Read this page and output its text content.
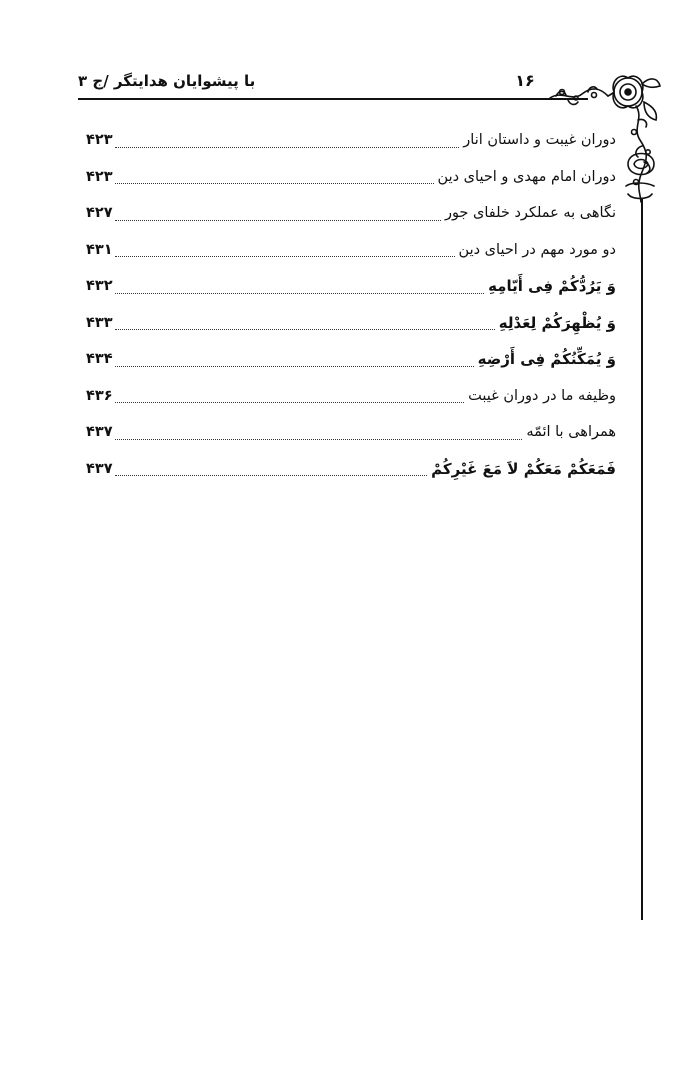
با پیشوایان هدایتگر /ج ۳	۱۶
دوران غیبت و داستان انار
۴۲۳
دوران امام مهدی و احیای دین
۴۲۳
نگاهی به عملکرد خلفای جور
۴۲۷
دو مورد مهم در احیای دین
۴۳۱
وَ یَرُدُّکُمْ فِی أَیّامِهِ
۴۳۲
وَ یُظْهِرَکُمْ لِعَدْلِهِ
۴۳۳
وَ یُمَکِّنُکُمْ فِی أَرْضِهِ
۴۳۴
وظیفه ما در دوران غیبت
۴۳۶
همراهی با ائمّه
۴۳۷
فَمَعَکُمْ مَعَکُمْ لاَ مَعَ غَیْرِکُمْ
۴۳۷
